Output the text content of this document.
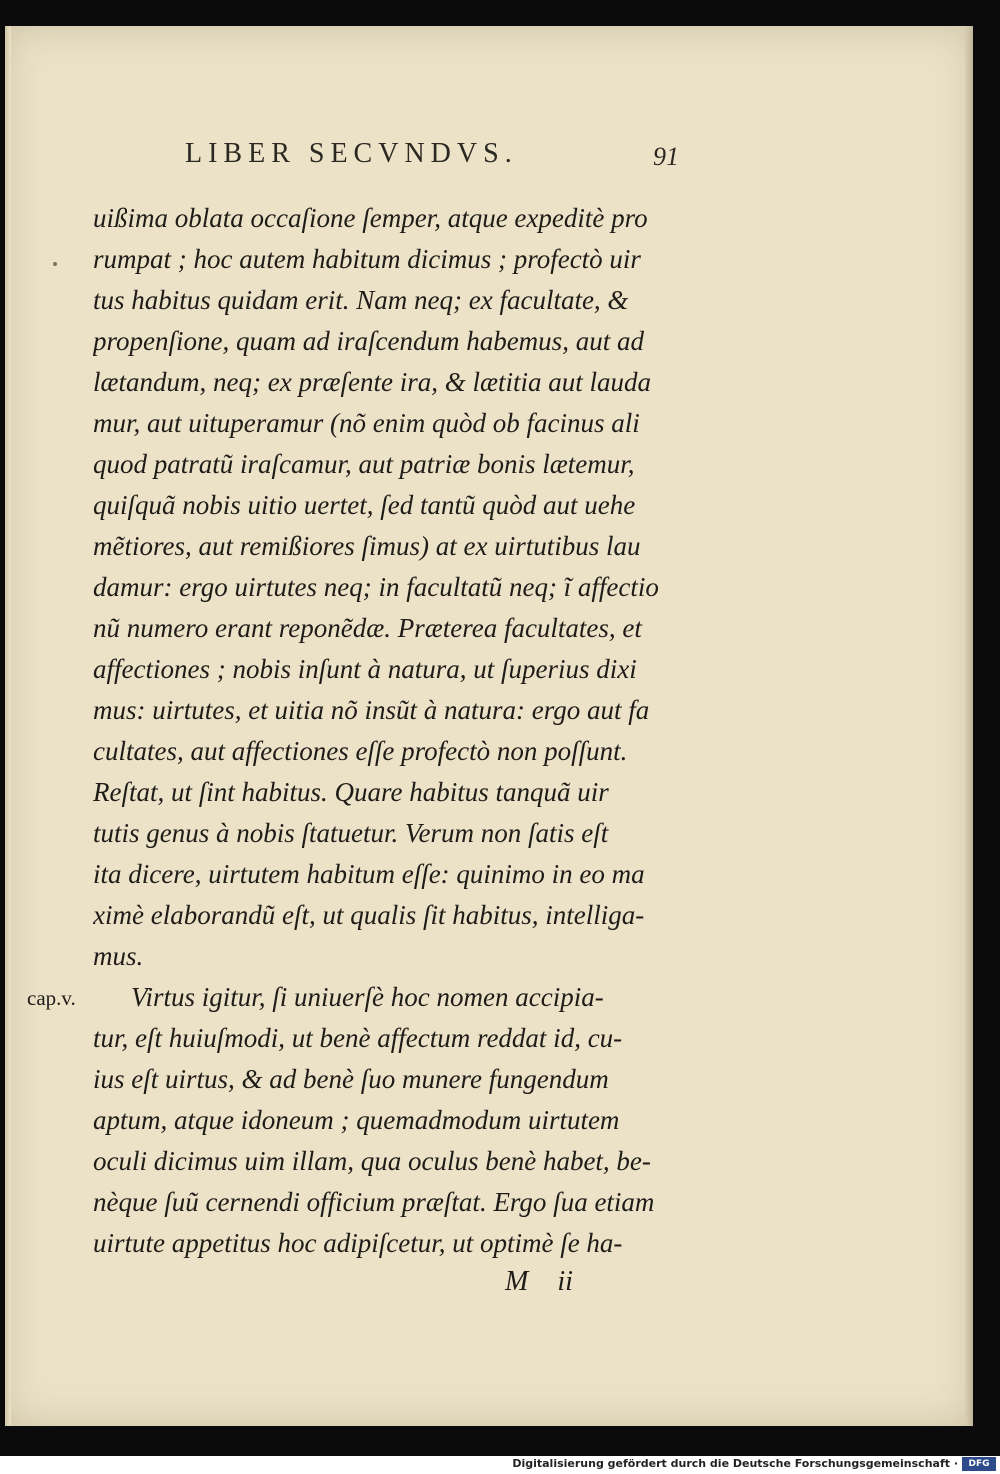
LIBER SECVNDVS.	91
uißima oblata occaſione ſemper, atque expeditè pro
rumpat ; hoc autem habitum dicimus ; profectò uir
tus habitus quidam erit. Nam neq; ex facultate, &
propenſione, quam ad iraſcendum habemus, aut ad
lætandum, neq; ex præſente ira, & lætitia aut lauda
mur, aut uituperamur (nõ enim quòd ob facinus ali
quod patratũ iraſcamur, aut patriæ bonis lætemur,
quiſquã nobis uitio uertet, ſed tantũ quòd aut uehe
mẽtiores, aut remißiores ſimus) at ex uirtutibus lau
damur: ergo uirtutes neq; in facultatũ neq; ĩ affectio
nũ numero erant reponẽdæ. Præterea facultates, et
affectiones ; nobis inſunt à natura, ut ſuperius dixi
mus: uirtutes, et uitia nõ insũt à natura: ergo aut fa
cultates, aut affectiones eſſe profectò non poſſunt.
Reſtat, ut ſint habitus. Quare habitus tanquã uir
tutis genus à nobis ſtatuetur. Verum non ſatis eſt
ita dicere, uirtutem habitum eſſe: quinimo in eo ma
ximè elaborandũ eſt, ut qualis ſit habitus, intelliga-
mus.
Virtus igitur, ſi uniuerſè hoc nomen accipia-
tur, eſt huiuſmodi, ut benè affectum reddat id, cu-
ius eſt uirtus, & ad benè ſuo munere fungendum
aptum, atque idoneum ; quemadmodum uirtutem
oculi dicimus uim illam, qua oculus benè habet, be-
nèque ſuũ cernendi officium præſtat. Ergo ſua etiam
uirtute appetitus hoc adipiſcetur, ut optimè ſe ha-
cap.v.
M ii
Digitalisierung gefördert durch die Deutsche Forschungsgemeinschaft ·	DFG
